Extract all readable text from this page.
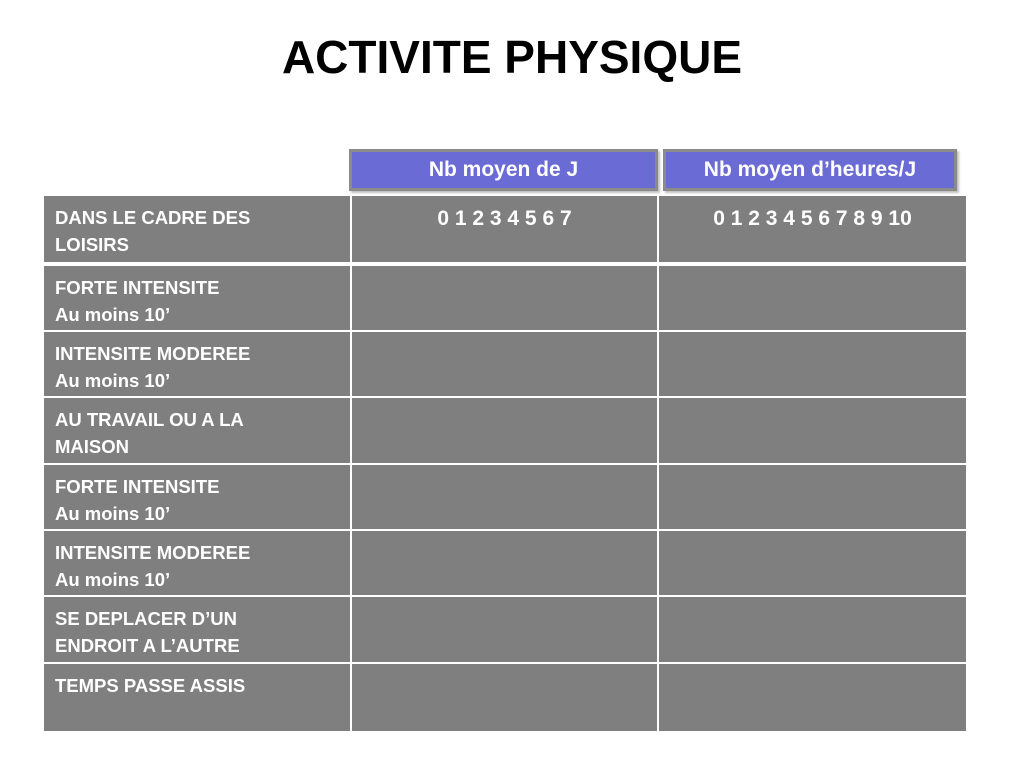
ACTIVITE PHYSIQUE
Nb moyen de J	Nb moyen d’heures/J
DANS LE CADRE DES
LOISIRS
0 1 2 3 4 5 6 7	0 1 2 3 4 5 6 7 8 9 10
FORTE INTENSITE
Au moins 10’
INTENSITE MODEREE
Au moins 10’
AU TRAVAIL OU A LA
MAISON
FORTE INTENSITE
Au moins 10’
INTENSITE MODEREE
Au moins 10’
SE DEPLACER D’UN
ENDROIT A L’AUTRE
TEMPS PASSE ASSIS
